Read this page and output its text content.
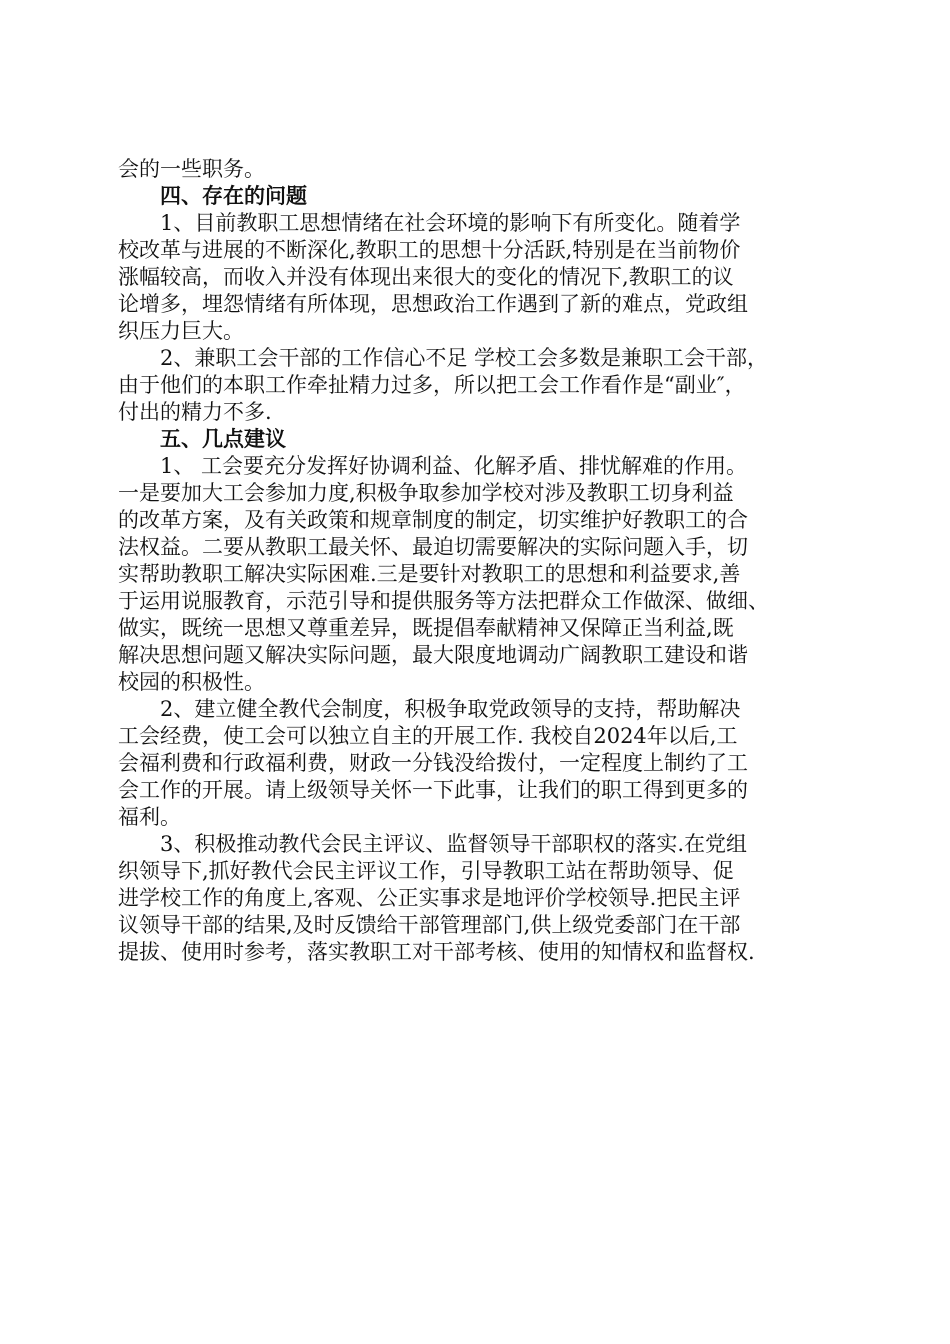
会的一些职务。
四、存在的问题
1、目前教职工思想情绪在社会环境的影响下有所变化。随着学
校改革与进展的不断深化,教职工的思想十分活跃,特别是在当前物价
涨幅较高，而收入并没有体现出来很大的变化的情况下,教职工的议
论增多，埋怨情绪有所体现，思想政治工作遇到了新的难点，党政组
织压力巨大。
2、兼职工会干部的工作信心不足 学校工会多数是兼职工会干部，
由于他们的本职工作牵扯精力过多，所以把工会工作看作是“副业″，
付出的精力不多.
五、几点建议
1、 工会要充分发挥好协调利益、化解矛盾、排忧解难的作用。
一是要加大工会参加力度,积极争取参加学校对涉及教职工切身利益
的改革方案，及有关政策和规章制度的制定，切实维护好教职工的合
法权益。二要从教职工最关怀、最迫切需要解决的实际问题入手，切
实帮助教职工解决实际困难.三是要针对教职工的思想和利益要求,善
于运用说服教育，示范引导和提供服务等方法把群众工作做深、做细、
做实，既统一思想又尊重差异，既提倡奉献精神又保障正当利益,既
解决思想问题又解决实际问题，最大限度地调动广阔教职工建设和谐
校园的积极性。
2、建立健全教代会制度，积极争取党政领导的支持，帮助解决
工会经费，使工会可以独立自主的开展工作. 我校自2024年以后,工
会福利费和行政福利费，财政一分钱没给拨付，一定程度上制约了工
会工作的开展。请上级领导关怀一下此事，让我们的职工得到更多的
福利。
3、积极推动教代会民主评议、监督领导干部职权的落实.在党组
织领导下,抓好教代会民主评议工作，引导教职工站在帮助领导、促
进学校工作的角度上,客观、公正实事求是地评价学校领导.把民主评
议领导干部的结果,及时反馈给干部管理部门,供上级党委部门在干部
提拔、使用时参考，落实教职工对干部考核、使用的知情权和监督权.
